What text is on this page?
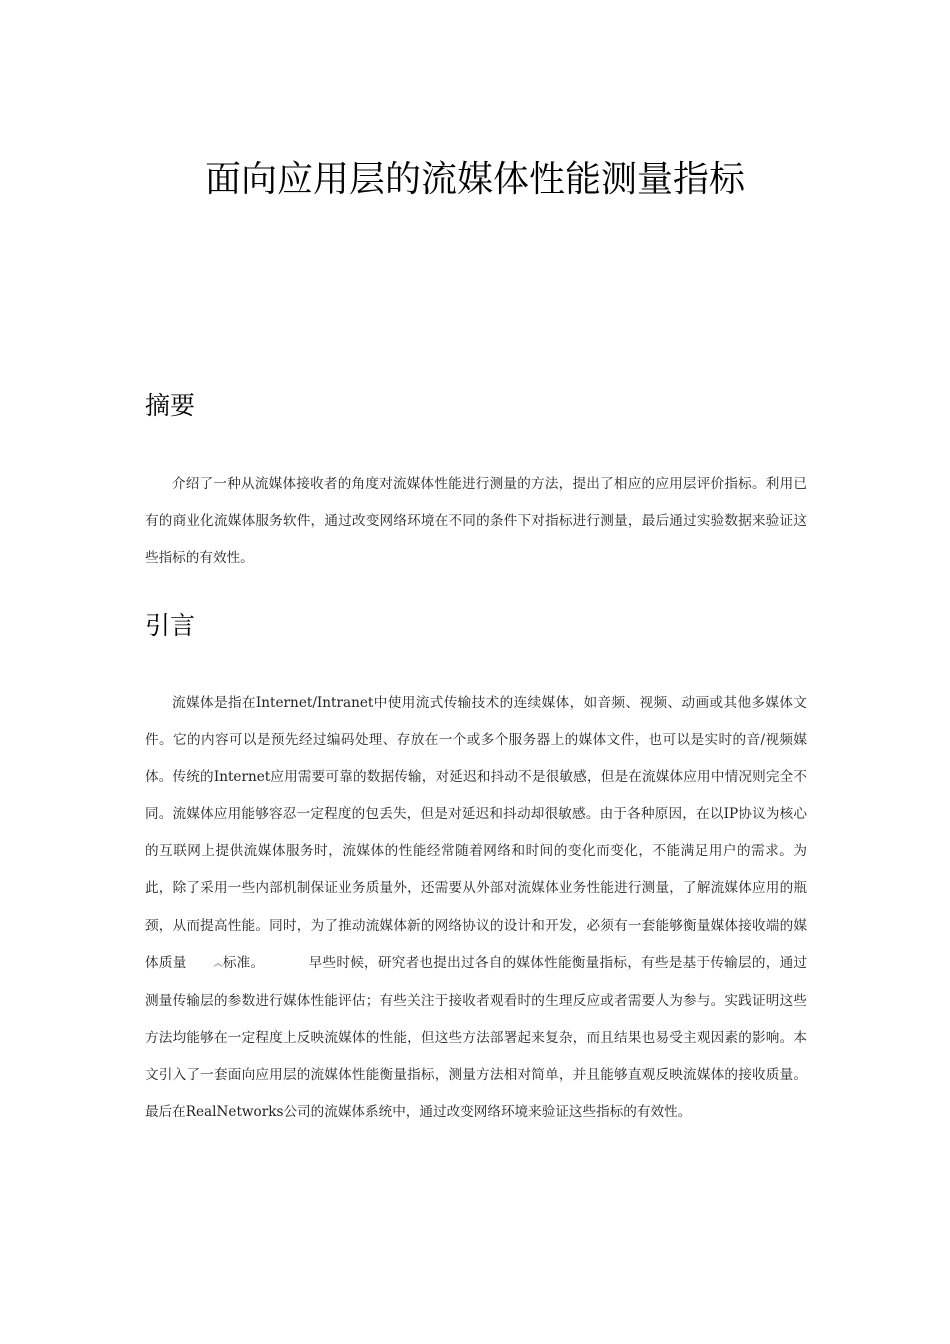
面向应用层的流媒体性能测量指标
摘要

介绍了一种从流媒体接收者的角度对流媒体性能进行测量的方法，提出了相应的应用层评价指标。利用已有的商业化流媒体服务软件，通过改变网络环境在不同的条件下对指标进行测量，最后通过实验数据来验证这些指标的有效性。

引言

流媒体是指在Internet/Intranet中使用流式传输技术的连续媒体，如音频、视频、动画或其他多媒体文件。它的内容可以是预先经过编码处理、存放在一个或多个服务器上的媒体文件，也可以是实时的音/视频媒体。传统的Internet应用需要可靠的数据传输，对延迟和抖动不是很敏感，但是在流媒体应用中情况则完全不同。流媒体应用能够容忍一定程度的包丢失，但是对延迟和抖动却很敏感。由于各种原因，在以IP协议为核心的互联网上提供流媒体服务时，流媒体的性能经常随着网络和时间的变化而变化，不能满足用户的需求。为此，除了采用一些内部机制保证业务质量外，还需要从外部对流媒体业务性能进行测量，了解流媒体应用的瓶颈，从而提高性能。同时，为了推动流媒体新的网络协议的设计和开发，必须有一套能够衡量媒体接收端的媒体质量	︽标准。	早些时候，研究者也提出过各自的媒体性能衡量指标，有些是基于传输层的，通过测量传输层的参数进行媒体性能评估；有些关注于接收者观看时的生理反应或者需要人为参与。实践证明这些方法均能够在一定程度上反映流媒体的性能，但这些方法部署起来复杂，而且结果也易受主观因素的影响。本文引入了一套面向应用层的流媒体性能衡量指标，测量方法相对简单，并且能够直观反映流媒体的接收质量。最后在RealNetworks公司的流媒体系统中，通过改变网络环境来验证这些指标的有效性。
